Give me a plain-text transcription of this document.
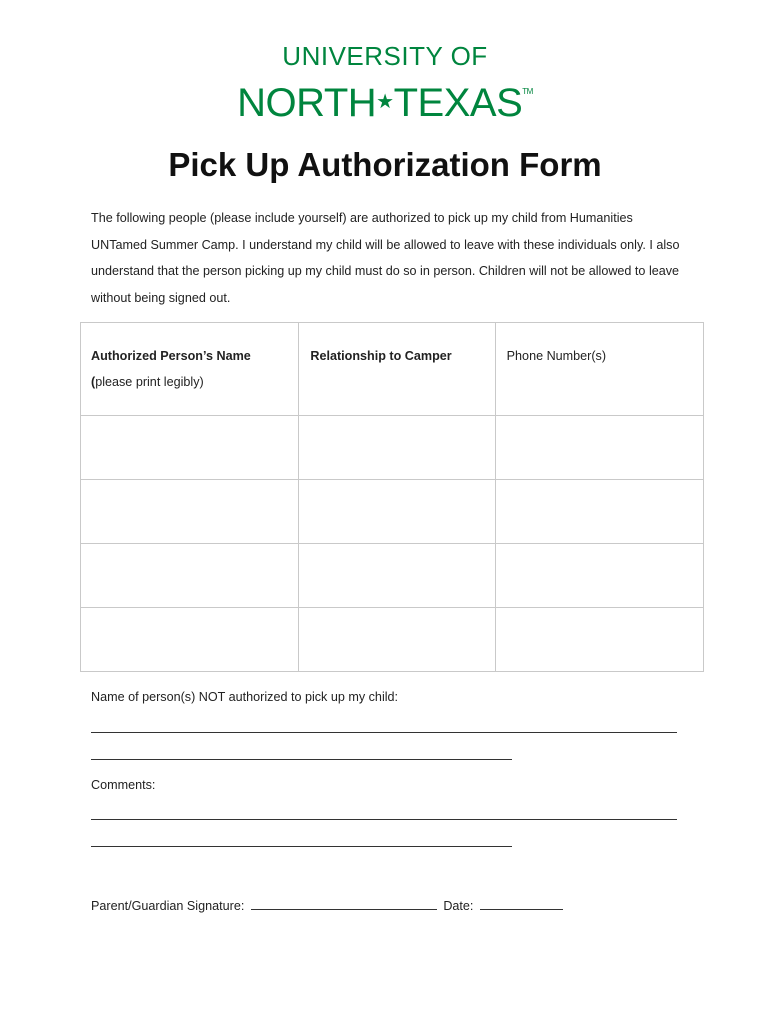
UNIVERSITY OF
NORTH★TEXAS™
Pick Up Authorization Form

The following people (please include yourself) are authorized to pick up my child from Humanities UNTamed Summer Camp. I understand my child will be allowed to leave with these individuals only. I also understand that the person picking up my child must do so in person. Children will not be allowed to leave without being signed out.

Authorized Person’s Name
(please print legibly)	Relationship to Camper	Phone Number(s)

Name of person(s) NOT authorized to pick up my child:
Comments:
Parent/Guardian Signature:	Date:
